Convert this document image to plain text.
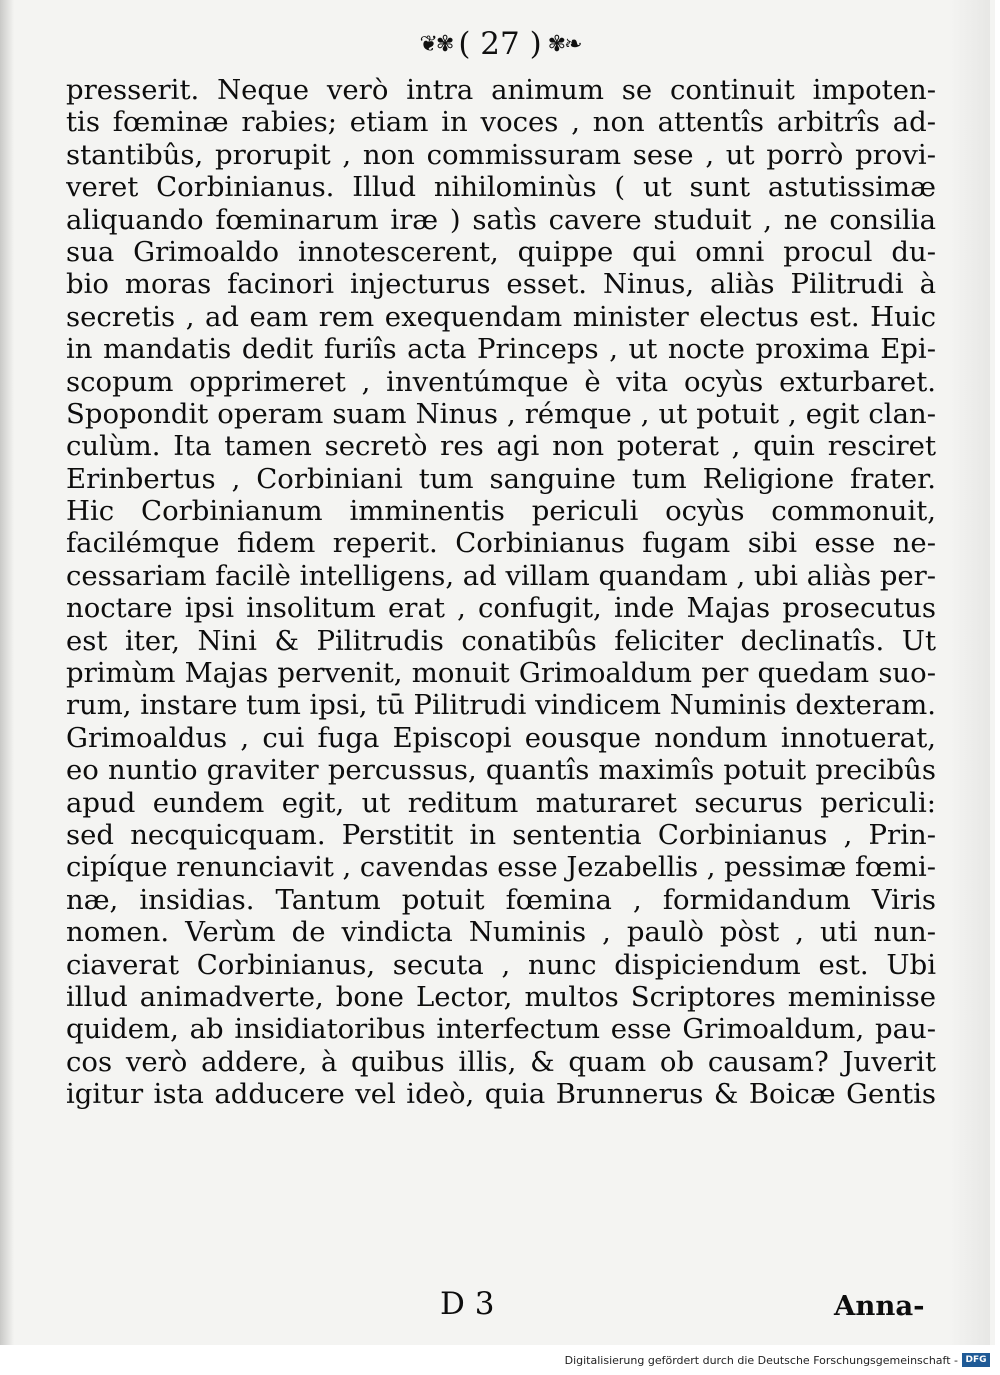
❦✾ ( 27 ) ✾❧
presserit. Neque verò intra animum se continuit impoten-
tis fœminæ rabies; etiam in voces , non attentîs arbitrîs ad-
stantibûs, prorupit , non commissuram sese , ut porrò provi-
veret Corbinianus. Illud nihilominùs ( ut sunt astutissimæ
aliquando fœminarum iræ ) satìs cavere studuit , ne consilia
sua Grimoaldo innotescerent, quippe qui omni procul du-
bio moras facinori injecturus esset. Ninus, aliàs Pilitrudi à
secretis , ad eam rem exequendam minister electus est. Huic
in mandatis dedit furiîs acta Princeps , ut nocte proxima Epi-
scopum opprimeret , inventúmque è vita ocyùs exturbaret.
Spopondit operam suam Ninus , rémque , ut potuit , egit clan-
culùm. Ita tamen secretò res agi non poterat , quin resciret
Erinbertus , Corbiniani tum sanguine tum Religione frater.
Hic Corbinianum imminentis periculi ocyùs commonuit,
facilémque fidem reperit. Corbinianus fugam sibi esse ne-
cessariam facilè intelligens, ad villam quandam , ubi aliàs per-
noctare ipsi insolitum erat , confugit, inde Majas prosecutus
est iter, Nini & Pilitrudis conatibûs feliciter declinatîs. Ut
primùm Majas pervenit, monuit Grimoaldum per quedam suo-
rum, instare tum ipsi, tū Pilitrudi vindicem Numinis dexteram.
Grimoaldus , cui fuga Episcopi eousque nondum innotuerat,
eo nuntio graviter percussus, quantîs maximîs potuit precibûs
apud eundem egit, ut reditum maturaret securus periculi:
sed necquicquam. Perstitit in sententia Corbinianus , Prin-
cipíque renunciavit , cavendas esse Jezabellis , pessimæ fœmi-
næ, insidias. Tantum potuit fœmina , formidandum Viris
nomen. Verùm de vindicta Numinis , paulò pòst , uti nun-
ciaverat Corbinianus, secuta , nunc dispiciendum est. Ubi
illud animadverte, bone Lector, multos Scriptores meminisse
quidem, ab insidiatoribus interfectum esse Grimoaldum, pau-
cos verò addere, à quibus illis, & quam ob causam? Juverit
igitur ista adducere vel ideò, quia Brunnerus & Boicæ Gentis
D 3	Anna-
Digitalisierung gefördert durch die Deutsche Forschungsgemeinschaft - DFG
